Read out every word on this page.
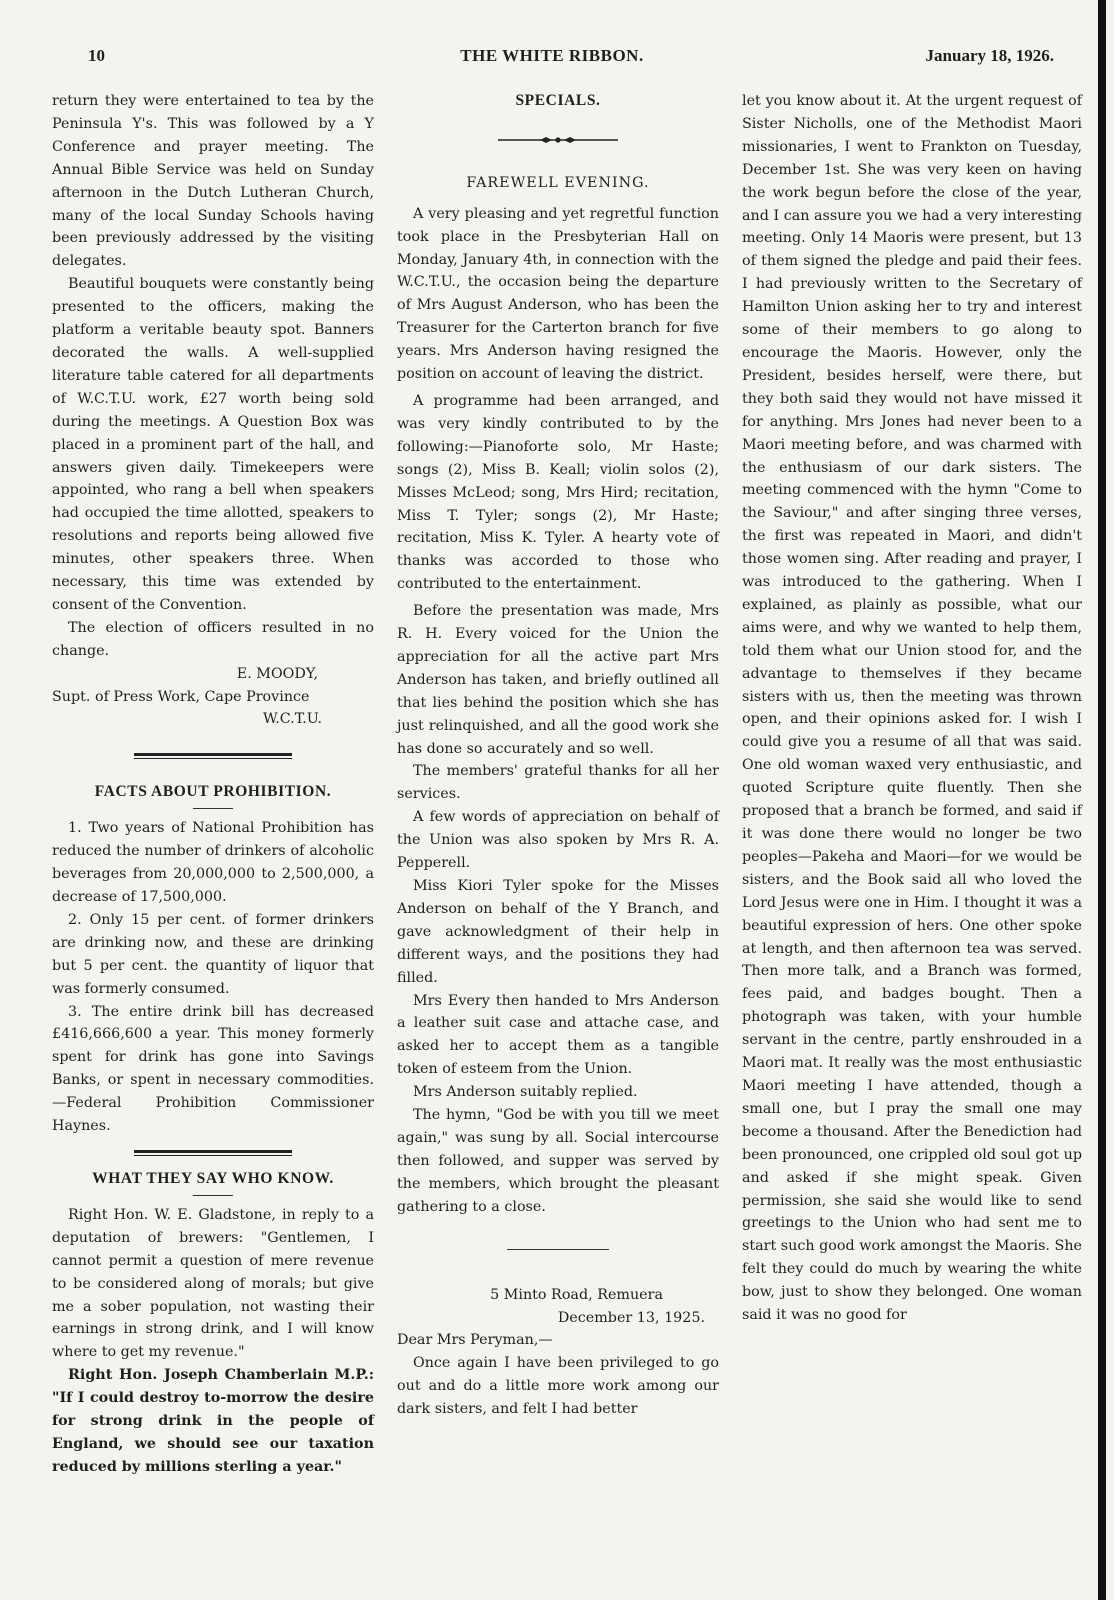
10	THE WHITE RIBBON.	January 18, 1926.

return they were entertained to tea by the Peninsula Y's. This was followed by a Y Conference and prayer meeting. The Annual Bible Service was held on Sunday afternoon in the Dutch Lutheran Church, many of the local Sunday Schools having been previously addressed by the visiting delegates.

Beautiful bouquets were constantly being presented to the officers, making the platform a veritable beauty spot. Banners decorated the walls. A well-supplied literature table catered for all departments of W.C.T.U. work, £27 worth being sold during the meetings. A Question Box was placed in a prominent part of the hall, and answers given daily. Timekeepers were appointed, who rang a bell when speakers had occupied the time allotted, speakers to resolutions and reports being allowed five minutes, other speakers three. When necessary, this time was extended by consent of the Convention.

The election of officers resulted in no change.

E. MOODY,
Supt. of Press Work, Cape Province
W.C.T.U.
FACTS ABOUT PROHIBITION.

1. Two years of National Prohibition has reduced the number of drinkers of alcoholic beverages from 20,000,000 to 2,500,000, a decrease of 17,500,000.

2. Only 15 per cent. of former drinkers are drinking now, and these are drinking but 5 per cent. the quantity of liquor that was formerly consumed.

3. The entire drink bill has decreased £416,666,600 a year. This money formerly spent for drink has gone into Savings Banks, or spent in necessary commodities.—Federal Prohibition Commissioner Haynes.

WHAT THEY SAY WHO KNOW.

Right Hon. W. E. Gladstone, in reply to a deputation of brewers: "Gentlemen, I cannot permit a question of mere revenue to be considered along of morals; but give me a sober population, not wasting their earnings in strong drink, and I will know where to get my revenue."

Right Hon. Joseph Chamberlain M.P.: "If I could destroy to-morrow the desire for strong drink in the people of England, we should see our taxation reduced by millions sterling a year."

SPECIALS.
FAREWELL EVENING.

A very pleasing and yet regretful function took place in the Presbyterian Hall on Monday, January 4th, in connection with the W.C.T.U., the occasion being the departure of Mrs August Anderson, who has been the Treasurer for the Carterton branch for five years. Mrs Anderson having resigned the position on account of leaving the district.

A programme had been arranged, and was very kindly contributed to by the following:—Pianoforte solo, Mr Haste; songs (2), Miss B. Keall; violin solos (2), Misses McLeod; song, Mrs Hird; recitation, Miss T. Tyler; songs (2), Mr Haste; recitation, Miss K. Tyler. A hearty vote of thanks was accorded to those who contributed to the entertainment.

Before the presentation was made, Mrs R. H. Every voiced for the Union the appreciation for all the active part Mrs Anderson has taken, and briefly outlined all that lies behind the position which she has just relinquished, and all the good work she has done so accurately and so well.

The members' grateful thanks for all her services.

A few words of appreciation on behalf of the Union was also spoken by Mrs R. A. Pepperell.

Miss Kiori Tyler spoke for the Misses Anderson on behalf of the Y Branch, and gave acknowledgment of their help in different ways, and the positions they had filled.

Mrs Every then handed to Mrs Anderson a leather suit case and attache case, and asked her to accept them as a tangible token of esteem from the Union.

Mrs Anderson suitably replied.

The hymn, "God be with you till we meet again," was sung by all. Social intercourse then followed, and supper was served by the members, which brought the pleasant gathering to a close.

5 Minto Road, Remuera
December 13, 1925.

Dear Mrs Peryman,—

Once again I have been privileged to go out and do a little more work among our dark sisters, and felt I had better

let you know about it. At the urgent request of Sister Nicholls, one of the Methodist Maori missionaries, I went to Frankton on Tuesday, December 1st. She was very keen on having the work begun before the close of the year, and I can assure you we had a very interesting meeting. Only 14 Maoris were present, but 13 of them signed the pledge and paid their fees. I had previously written to the Secretary of Hamilton Union asking her to try and interest some of their members to go along to encourage the Maoris. However, only the President, besides herself, were there, but they both said they would not have missed it for anything. Mrs Jones had never been to a Maori meeting before, and was charmed with the enthusiasm of our dark sisters. The meeting commenced with the hymn "Come to the Saviour," and after singing three verses, the first was repeated in Maori, and didn't those women sing. After reading and prayer, I was introduced to the gathering. When I explained, as plainly as possible, what our aims were, and why we wanted to help them, told them what our Union stood for, and the advantage to themselves if they became sisters with us, then the meeting was thrown open, and their opinions asked for. I wish I could give you a resume of all that was said. One old woman waxed very enthusiastic, and quoted Scripture quite fluently. Then she proposed that a branch be formed, and said if it was done there would no longer be two peoples—Pakeha and Maori—for we would be sisters, and the Book said all who loved the Lord Jesus were one in Him. I thought it was a beautiful expression of hers. One other spoke at length, and then afternoon tea was served. Then more talk, and a Branch was formed, fees paid, and badges bought. Then a photograph was taken, with your humble servant in the centre, partly enshrouded in a Maori mat. It really was the most enthusiastic Maori meeting I have attended, though a small one, but I pray the small one may become a thousand. After the Benediction had been pronounced, one crippled old soul got up and asked if she might speak. Given permission, she said she would like to send greetings to the Union who had sent me to start such good work amongst the Maoris. She felt they could do much by wearing the white bow, just to show they belonged. One woman said it was no good for
